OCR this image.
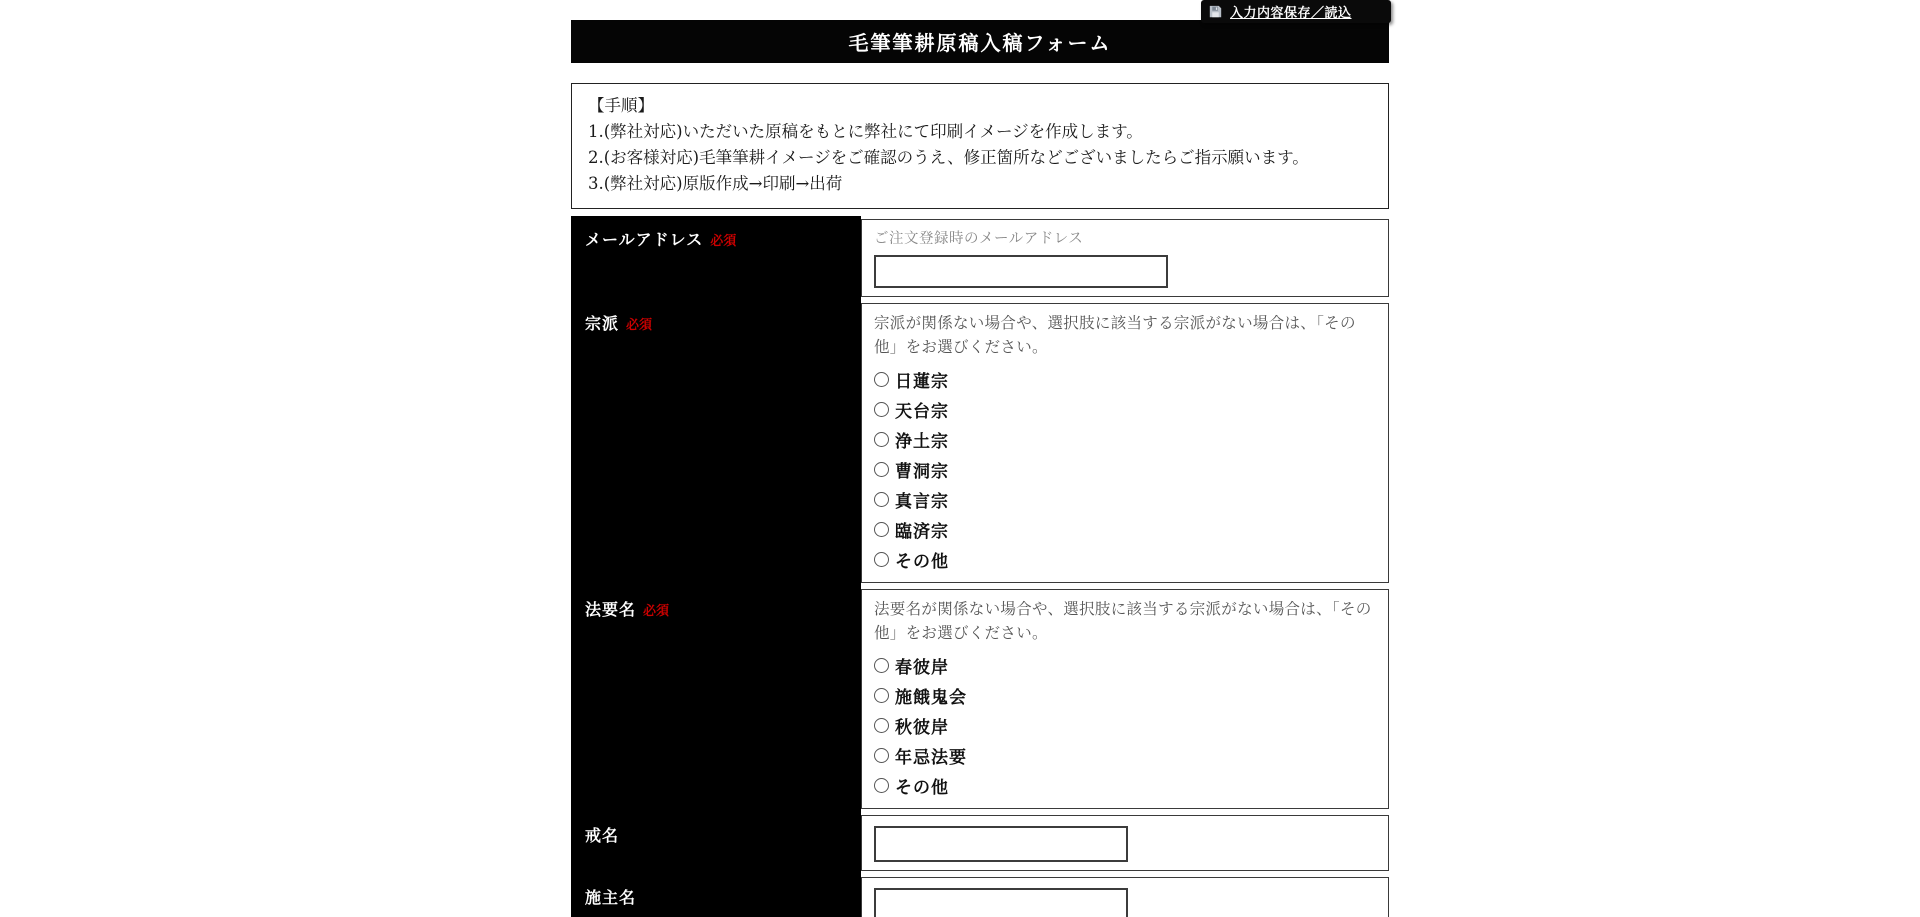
入力内容保存／読込
毛筆筆耕原稿入稿フォーム
【手順】
1.(弊社対応)いただいた原稿をもとに弊社にて印刷イメージを作成します。
2.(お客様対応)毛筆筆耕イメージをご確認のうえ、修正箇所などございましたらご指示願います。
3.(弊社対応)原版作成→印刷→出荷
メールアドレス 必須	ご注文登録時のメールアドレス
宗派 必須	宗派が関係ない場合や、選択肢に該当する宗派がない場合は、「その他」をお選びください。
日蓮宗
天台宗
浄土宗
曹洞宗
真言宗
臨済宗
その他
法要名 必須	法要名が関係ない場合や、選択肢に該当する宗派がない場合は、「その他」をお選びください。
春彼岸
施餓鬼会
秋彼岸
年忌法要
その他
戒名
施主名
